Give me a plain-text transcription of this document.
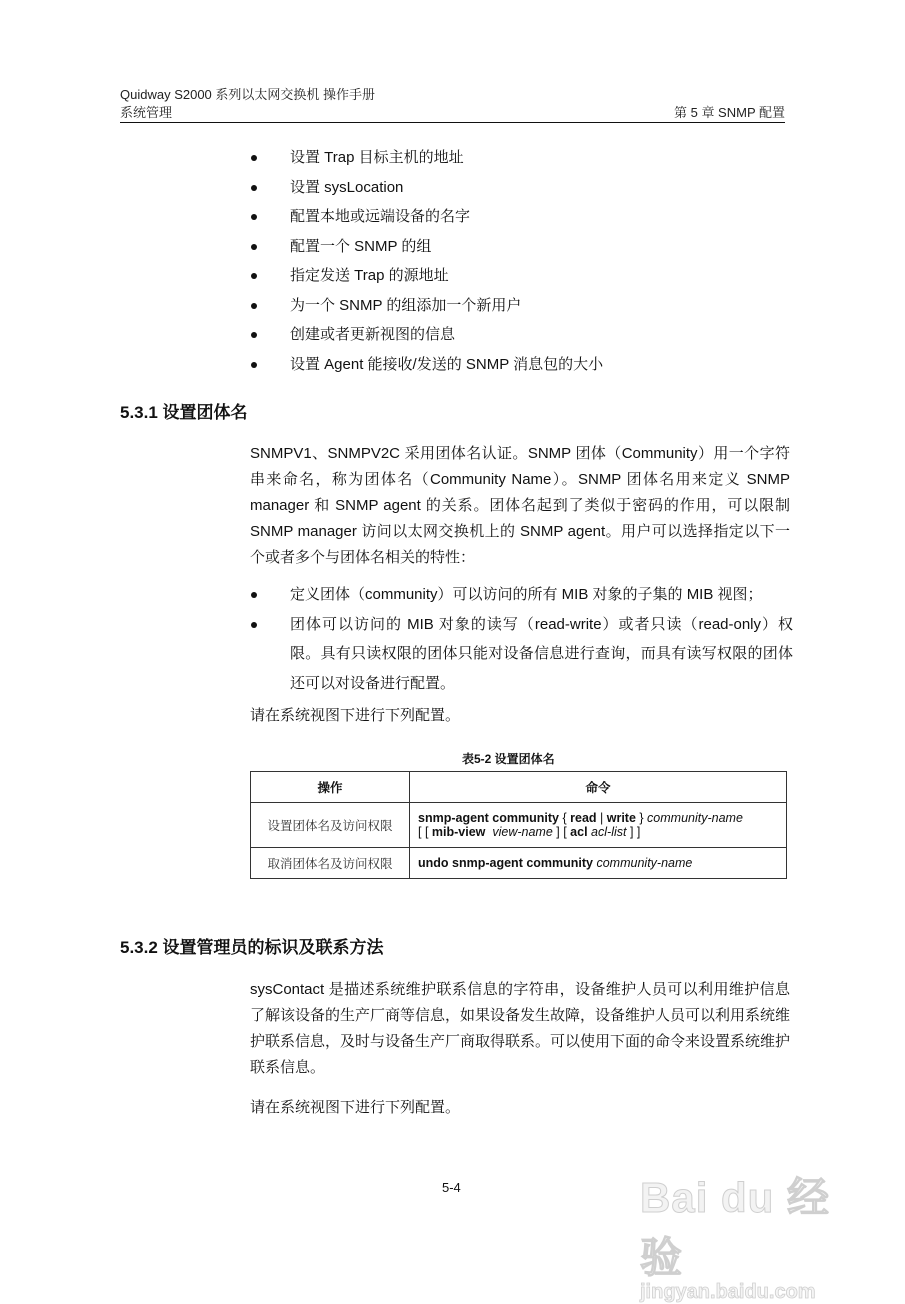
Quidway S2000 系列以太网交换机 操作手册
系统管理	第 5 章 SNMP 配置
设置 Trap 目标主机的地址
设置 sysLocation
配置本地或远端设备的名字
配置一个 SNMP 的组
指定发送 Trap 的源地址
为一个 SNMP 的组添加一个新用户
创建或者更新视图的信息
设置 Agent 能接收/发送的 SNMP 消息包的大小
5.3.1 设置团体名
SNMPV1、SNMPV2C 采用团体名认证。SNMP 团体（Community）用一个字符串来命名，称为团体名（Community Name）。SNMP 团体名用来定义 SNMP manager 和 SNMP agent 的关系。团体名起到了类似于密码的作用，可以限制 SNMP manager 访问以太网交换机上的 SNMP agent。用户可以选择指定以下一个或者多个与团体名相关的特性：
定义团体（community）可以访问的所有 MIB 对象的子集的 MIB 视图；
团体可以访问的 MIB 对象的读写（read-write）或者只读（read-only）权限。具有只读权限的团体只能对设备信息进行查询，而具有读写权限的团体还可以对设备进行配置。
请在系统视图下进行下列配置。
表5-2 设置团体名
操作	命令
设置团体名及访问权限	snmp-agent community { read | write } community-name
[ [ mib-view view-name ] [ acl acl-list ] ]
取消团体名及访问权限	undo snmp-agent community community-name
5.3.2 设置管理员的标识及联系方法
sysContact 是描述系统维护联系信息的字符串，设备维护人员可以利用维护信息了解该设备的生产厂商等信息，如果设备发生故障，设备维护人员可以利用系统维护联系信息，及时与设备生产厂商取得联系。可以使用下面的命令来设置系统维护联系信息。
请在系统视图下进行下列配置。
5-4	Bai du 经验
jingyan.baidu.com
